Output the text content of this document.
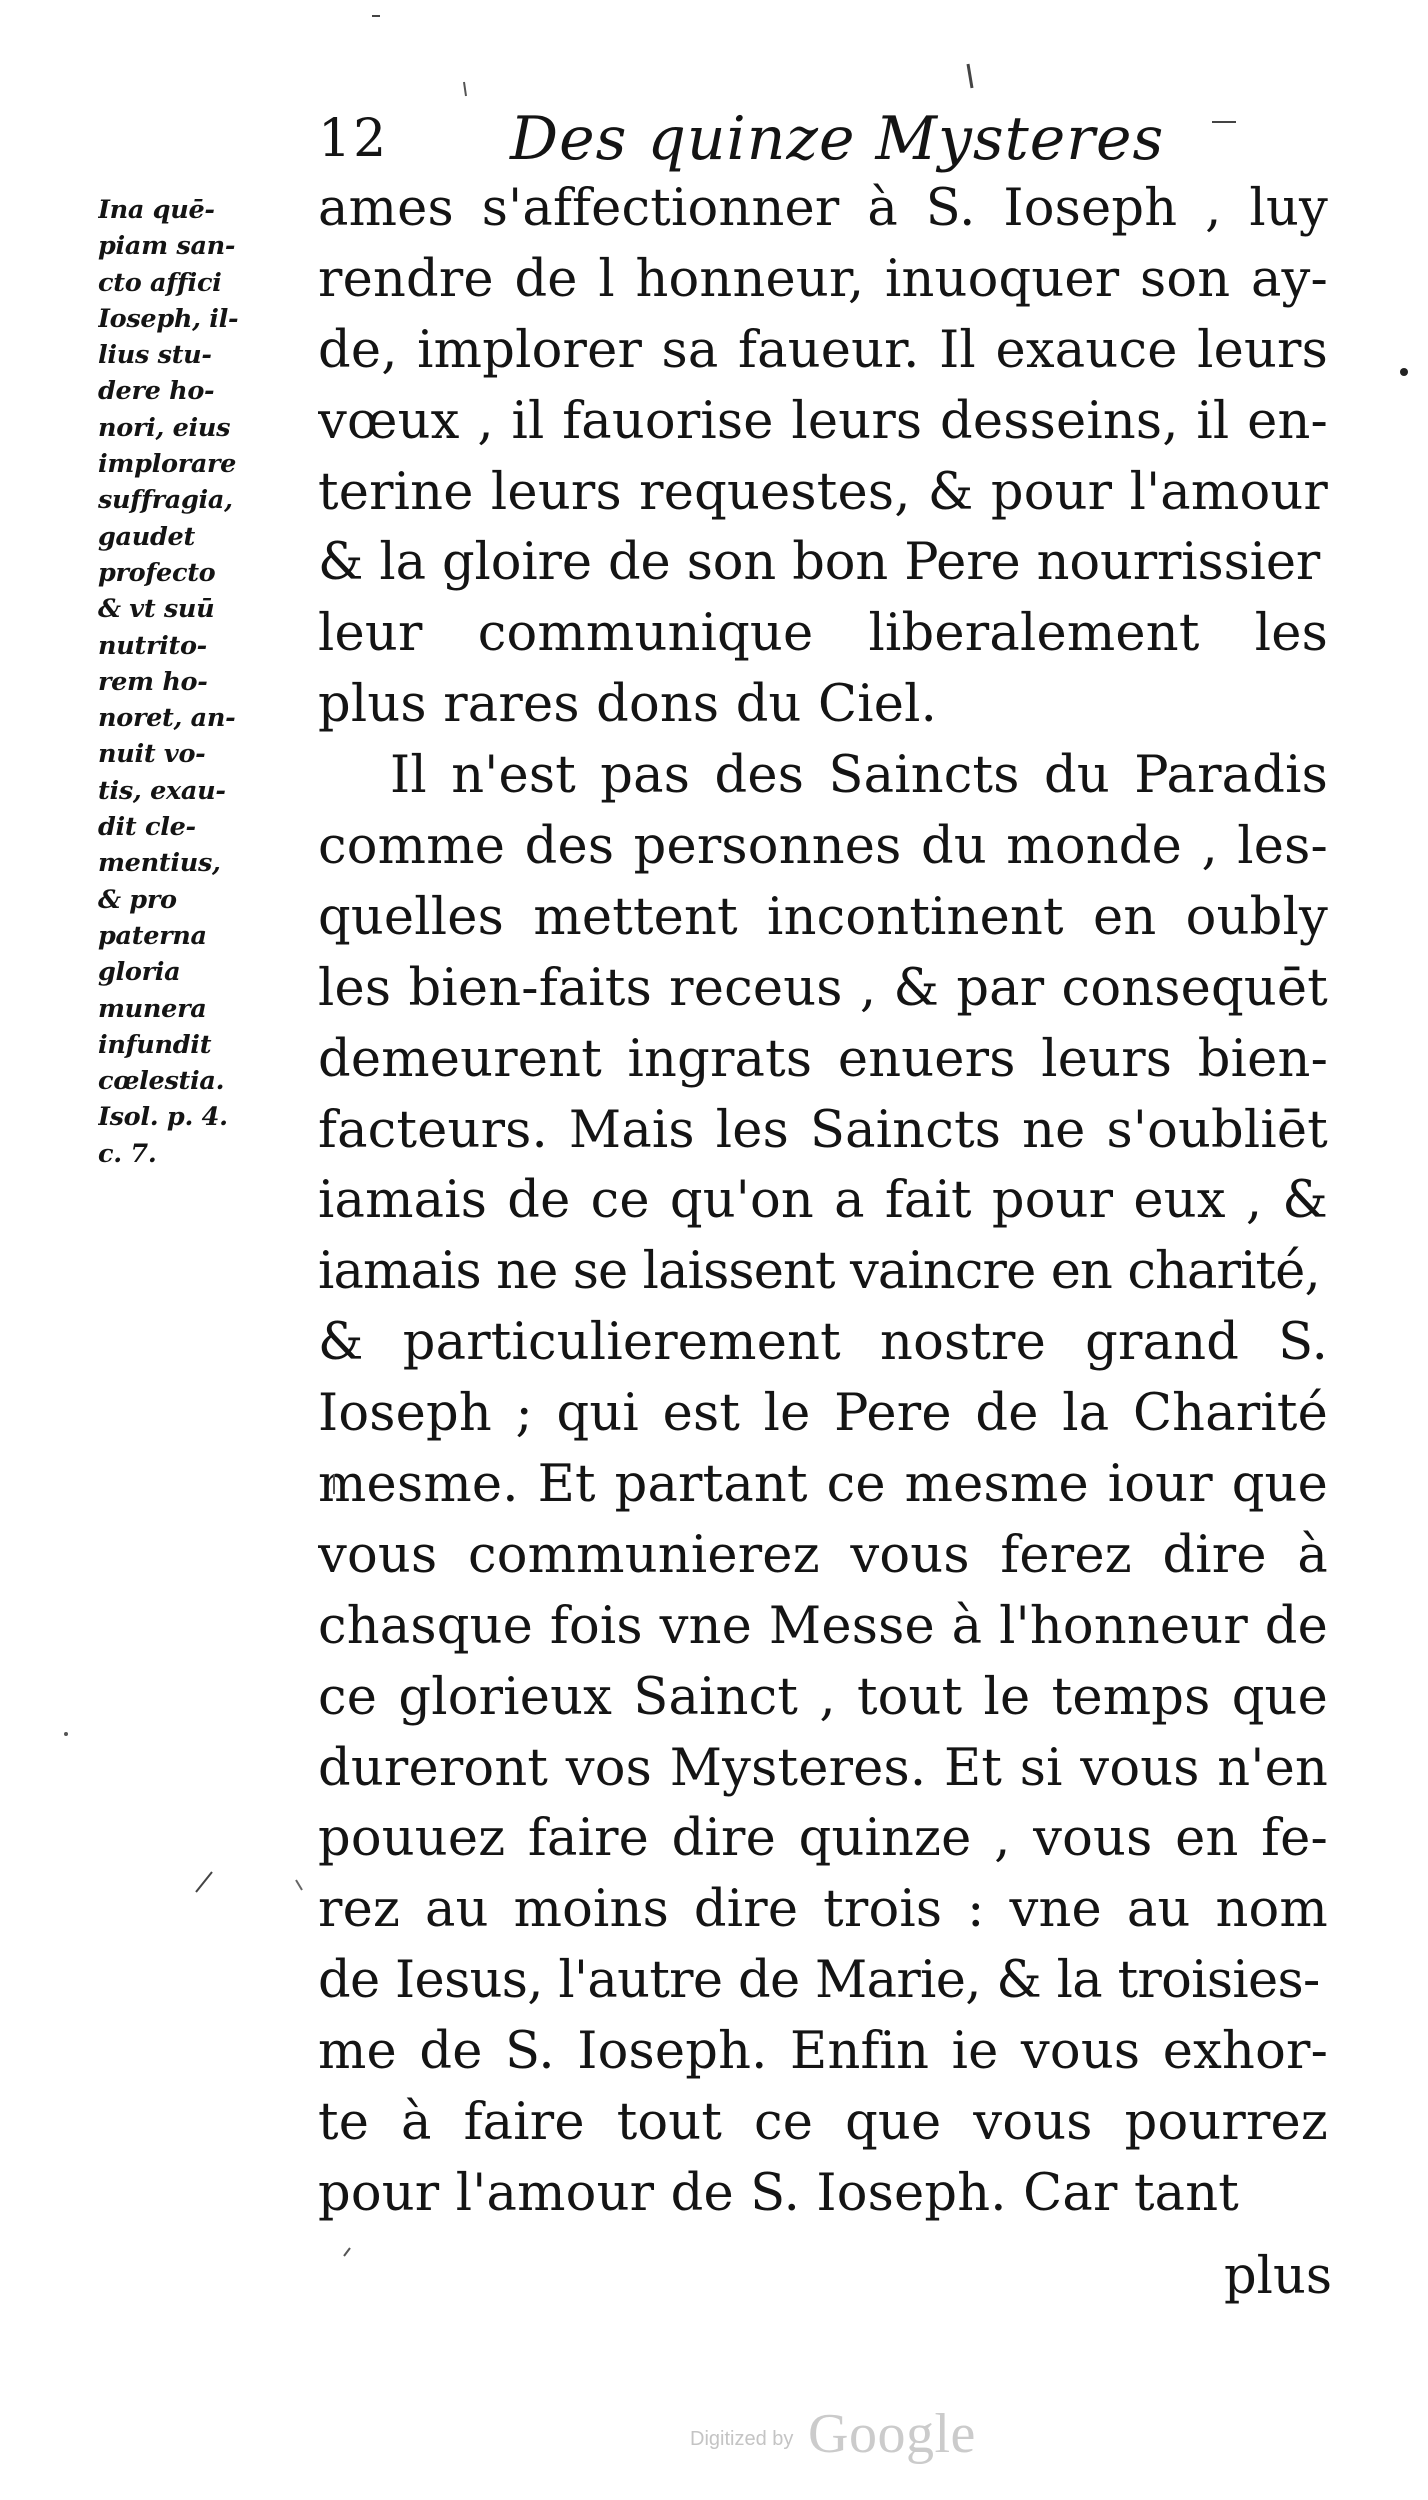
12 Des quinze Mysteres
Ina quē-
piam san-
cto affici
Ioseph, il-
lius stu-
dere ho-
nori, eius
implorare
suffragia,
gaudet
profecto
& vt suū
nutrito-
rem ho-
noret, an-
nuit vo-
tis, exau-
dit cle-
mentius,
& pro
paterna
gloria
munera
infundit
cœlestia.
Isol. p. 4.
c. 7.
ames s'affectionner à S. Ioseph , luy
rendre de l honneur, inuoquer son ay-
de, implorer sa faueur. Il exauce leurs
vœux , il fauorise leurs desseins, il en-
terine leurs requestes, & pour l'amour
& la gloire de son bon Pere nourrissier
leur communique liberalement les
plus rares dons du Ciel.
Il n'est pas des Saincts du Paradis
comme des personnes du monde , les-
quelles mettent incontinent en oubly
les bien-faits receus , & par consequēt
demeurent ingrats enuers leurs bien-
facteurs. Mais les Saincts ne s'oubliēt
iamais de ce qu'on a fait pour eux , &
iamais ne se laissent vaincre en charité,
& particulierement nostre grand S.
Ioseph ; qui est le Pere de la Charité
mesme. Et partant ce mesme iour que
vous communierez vous ferez dire à
chasque fois vne Messe à l'honneur de
ce glorieux Sainct , tout le temps que
dureront vos Mysteres. Et si vous n'en
pouuez faire dire quinze , vous en fe-
rez au moins dire trois : vne au nom
de Iesus, l'autre de Marie, & la troisies-
me de S. Ioseph. Enfin ie vous exhor-
te à faire tout ce que vous pourrez
pour l'amour de S. Ioseph. Car tant
plus
Digitized by Google
